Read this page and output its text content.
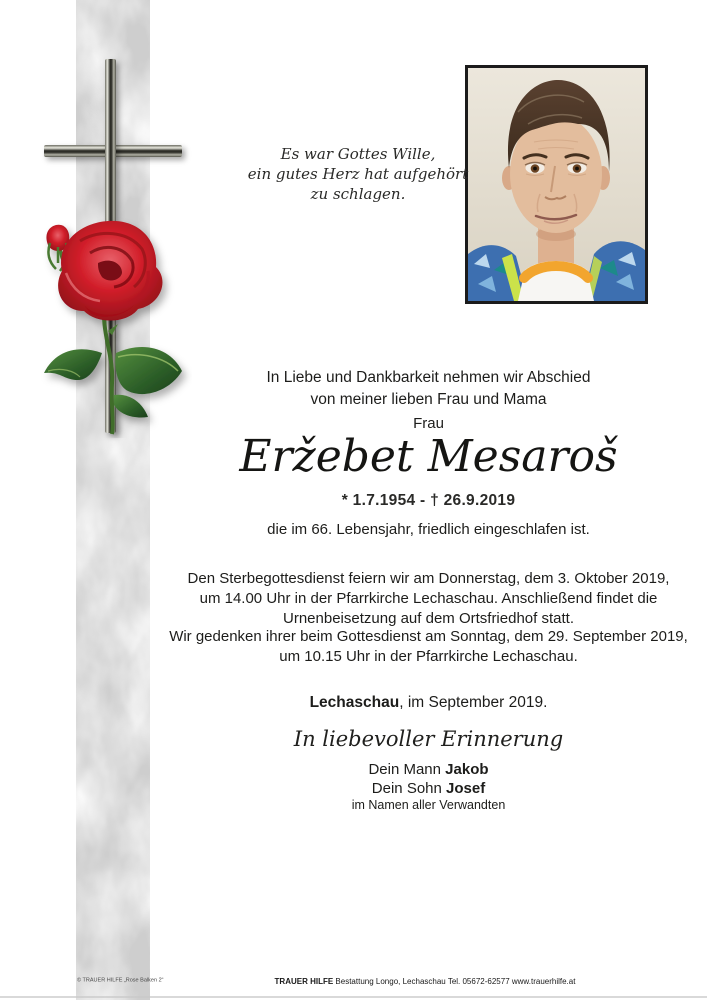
Es war Gottes Wille,
ein gutes Herz hat aufgehört
zu schlagen.
In Liebe und Dankbarkeit nehmen wir Abschied
von meiner lieben Frau und Mama
Frau
Eržebet Mesaroš
* 1.7.1954 - † 26.9.2019
die im 66. Lebensjahr, friedlich eingeschlafen ist.
Den Sterbegottesdienst feiern wir am Donnerstag, dem 3. Oktober 2019,
um 14.00 Uhr in der Pfarrkirche Lechaschau. Anschließend findet die
Urnenbeisetzung auf dem Ortsfriedhof statt.
Wir gedenken ihrer beim Gottesdienst am Sonntag, dem 29. September 2019,
um 10.15 Uhr in der Pfarrkirche Lechaschau.
Lechaschau, im September 2019.
In liebevoller Erinnerung
Dein Mann Jakob
Dein Sohn Josef
im Namen aller Verwandten
© TRAUER HILFE „Rose Balken 2“	TRAUER HILFE Bestattung Longo, Lechaschau Tel. 05672-62577 www.trauerhilfe.at
